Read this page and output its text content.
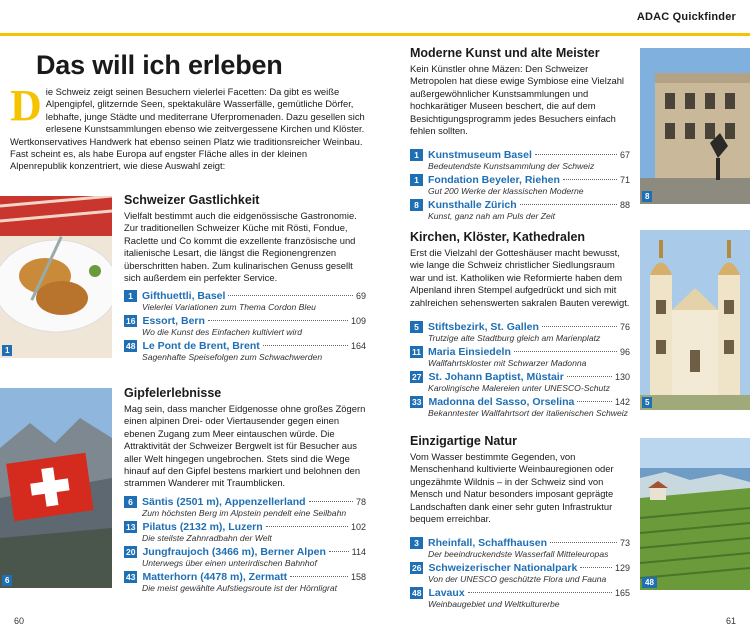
ADAC Quickfinder
Das will ich erleben
D ie Schweiz zeigt seinen Besuchern vielerlei Facetten: Da gibt es weiße Alpengipfel, glitzernde Seen, spektakuläre Wasserfälle, gemütliche Dörfer, lebhafte, junge Städte und mediterrane Uferpromenaden. Dazu gesellen sich erlesene Kunstsammlungen ebenso wie zeitvergessene Kirchen und Klöster. Wertkonservatives Handwerk hat ebenso seinen Platz wie traditionsreicher Weinbau. Fast scheint es, als habe Europa auf engster Fläche alles in der kleinen Alpenrepublik konzentriert, wie diese Auswahl zeigt:
1
Schweizer Gastlichkeit

Vielfalt bestimmt auch die eidgenössische Gastronomie. Zur traditionellen Schweizer Küche mit Rösti, Fondue, Raclette und Co kommt die exzellente französische und italienische Lesart, die längst die Regionengrenzen überschritten haben. Zum kulinarischen Genuss gesellt sich außerdem ein perfekter Service.

1 Gifthuettli, Basel	69
Vielerlei Variationen zum Thema Cordon Bleu
16 Essort, Bern	109
Wo die Kunst des Einfachen kultiviert wird
48 Le Pont de Brent, Brent	164
Sagenhafte Speisefolgen zum Schwachwerden
6
Gipfelerlebnisse

Mag sein, dass mancher Eidgenosse ohne großes Zögern einen alpinen Drei- oder Viertausender gegen einen ebenen Zugang zum Meer eintauschen würde. Die Attraktivität der Schweizer Bergwelt ist für Besucher aus aller Welt hingegen ungebrochen. Stets sind die Wege hinauf auf den Gipfel bestens markiert und belohnen den strammen Wanderer mit Traumblicken.

6 Säntis (2501 m), Appenzellerland	78
Zum höchsten Berg im Alpstein pendelt eine Seilbahn
13 Pilatus (2132 m), Luzern	102
Die steilste Zahnradbahn der Welt
20 Jungfraujoch (3466 m), Berner Alpen	114
Unterwegs über einen unterirdischen Bahnhof
43 Matterhorn (4478 m), Zermatt	158
Die meist gewählte Aufstiegsroute ist der Hörnligrat
Moderne Kunst und alte Meister

Kein Künstler ohne Mäzen: Den Schweizer Metropolen hat diese ewige Symbiose eine Vielzahl außergewöhnlicher Kunstsammlungen und hochkarätiger Museen beschert, die auf dem Besichtigungsprogramm jedes Besuchers einfach fehlen sollten.

1 Kunstmuseum Basel	67
Bedeutendste Kunstsammlung der Schweiz
1 Fondation Beyeler, Riehen	71
Gut 200 Werke der klassischen Moderne
8 Kunsthalle Zürich	88
Kunst, ganz nah am Puls der Zeit
8
Kirchen, Klöster, Kathedralen

Erst die Vielzahl der Gotteshäuser macht bewusst, wie lange die Schweiz christlicher Siedlungsraum war und ist. Katholiken wie Reformierte haben dem Alpenland ihren Stempel aufgedrückt und sich mit zahlreichen sehenswerten sakralen Bauten verewigt.

5 Stiftsbezirk, St. Gallen	76
Trutzige alte Stadtburg gleich am Marienplatz
11 Maria Einsiedeln	96
Wallfahrtskloster mit Schwarzer Madonna
27 St. Johann Baptist, Müstair	130
Karolingische Malereien unter UNESCO-Schutz
33 Madonna del Sasso, Orselina	142
Bekanntester Wallfahrtsort der italienischen Schweiz
5
Einzigartige Natur

Vom Wasser bestimmte Gegenden, von Menschenhand kultivierte Weinbauregionen oder ungezähmte Wildnis – in der Schweiz sind von Mensch und Natur besonders imposant geprägte Landschaften dank einer sehr guten Infrastruktur bequem erreichbar.

3 Rheinfall, Schaffhausen	73
Der beeindruckendste Wasserfall Mitteleuropas
26 Schweizerischer Nationalpark	129
Von der UNESCO geschützte Flora und Fauna
48 Lavaux	165
Weinbaugebiet und Weltkulturerbe
48
60	61
